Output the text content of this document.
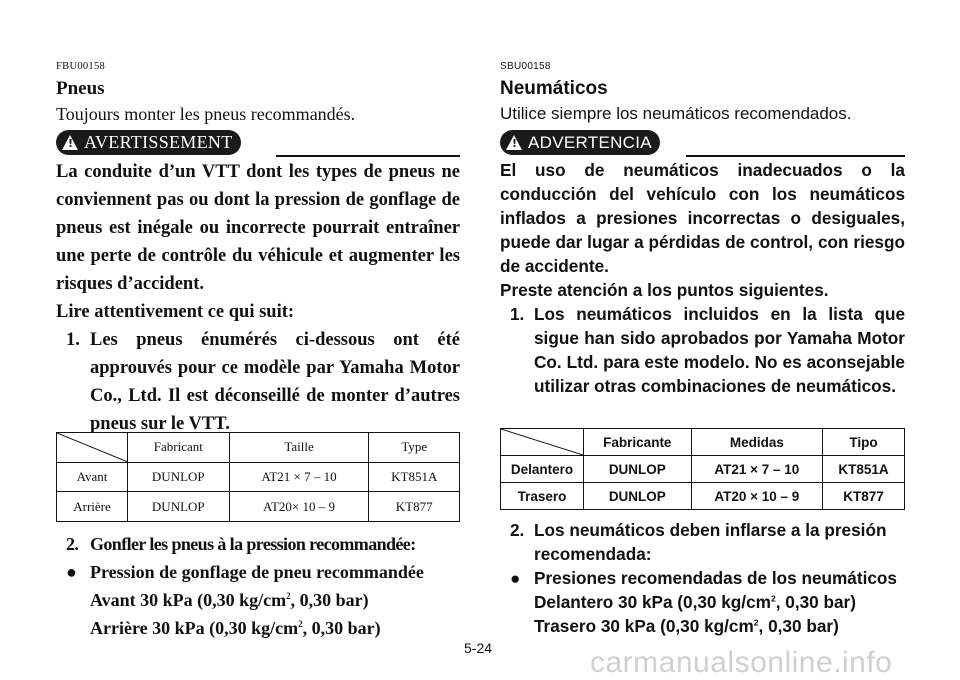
FBU00158
Pneus
Toujours monter les pneus recommandés.
! AVERTISSEMENT

La conduite d’un VTT dont les types de pneus ne conviennent pas ou dont la pression de gonflage de pneus est inégale ou incorrecte pourrait entraîner une perte de contrôle du véhicule et augmenter les risques d’accident.

Lire attentivement ce qui suit:

1. Les pneus énumérés ci-dessous ont été approuvés pour ce modèle par Yamaha Motor Co., Ltd. Il est déconseillé de monter d’autres pneus sur le VTT.

	Fabricant	Taille	Type
Avant	DUNLOP	AT21 × 7 – 10	KT851A
Arrière	DUNLOP	AT20× 10 – 9	KT877

2. Gonfler les pneus à la pression recommandée:

● Pression de gonflage de pneu recommandée

Avant 30 kPa (0,30 $kg/cm^2$, 0,30 bar)

Arrière 30 kPa (0,30 $kg/cm^2$, 0,30 bar)

SBU00158
Neumáticos
Utilice siempre los neumáticos recomendados.
! ADVERTENCIA

El uso de neumáticos inadecuados o la conducción del vehículo con los neumáticos inflados a presiones incorrectas o desiguales, puede dar lugar a pérdidas de control, con riesgo de accidente.

Preste atención a los puntos siguientes.

1. Los neumáticos incluidos en la lista que sigue han sido aprobados por Yamaha Motor Co. Ltd. para este modelo. No es aconsejable utilizar otras combinaciones de neumáticos.

	Fabricante	Medidas	Tipo
Delantero	DUNLOP	AT21 × 7 – 10	KT851A
Trasero	DUNLOP	AT20 × 10 – 9	KT877

2. Los neumáticos deben inflarse a la presión recomendada:

● Presiones recomendadas de los neumáticos

Delantero 30 kPa (0,30 $kg/cm^2$, 0,30 bar)

Trasero 30 kPa (0,30 $kg/cm^2$, 0,30 bar)

5-24	carmanualsonline.info
